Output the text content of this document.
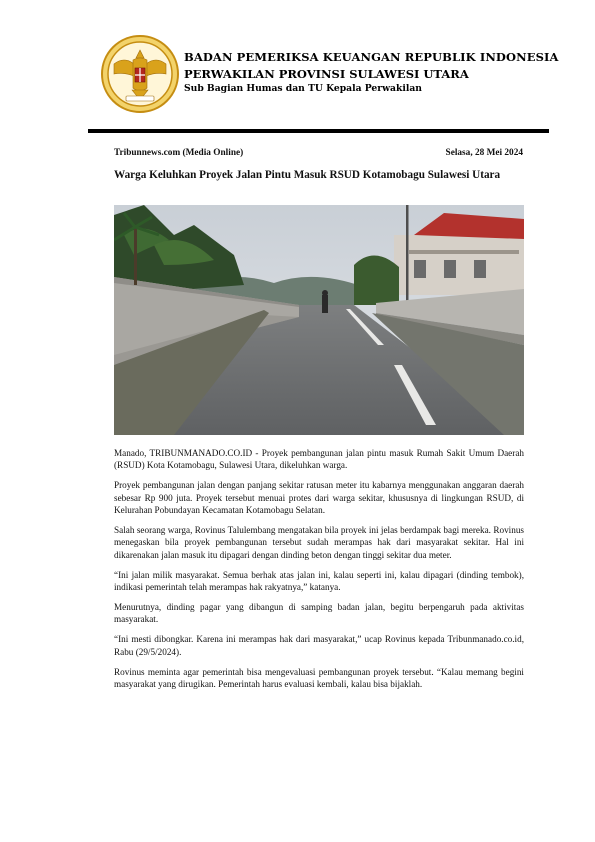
BADAN PEMERIKSA KEUANGAN REPUBLIK INDONESIA
PERWAKILAN PROVINSI SULAWESI UTARA
Sub Bagian Humas dan TU Kepala Perwakilan
Tribunnews.com (Media Online)	Selasa, 28 Mei 2024
Warga Keluhkan Proyek Jalan Pintu Masuk RSUD Kotamobagu Sulawesi Utara

Manado, TRIBUNMANADO.CO.ID - Proyek pembangunan jalan pintu masuk Rumah Sakit Umum Daerah (RSUD) Kota Kotamobagu, Sulawesi Utara, dikeluhkan warga.

Proyek pembangunan jalan dengan panjang sekitar ratusan meter itu kabarnya menggunakan anggaran daerah sebesar Rp 900 juta. Proyek tersebut menuai protes dari warga sekitar, khususnya di lingkungan RSUD, di Kelurahan Pobundayan Kecamatan Kotamobagu Selatan.

Salah seorang warga, Rovinus Talulembang mengatakan bila proyek ini jelas berdampak bagi mereka. Rovinus menegaskan bila proyek pembangunan tersebut sudah merampas hak dari masyarakat sekitar. Hal ini dikarenakan jalan masuk itu dipagari dengan dinding beton dengan tinggi sekitar dua meter.

“Ini jalan milik masyarakat. Semua berhak atas jalan ini, kalau seperti ini, kalau dipagari (dinding tembok), indikasi pemerintah telah merampas hak rakyatnya,” katanya.

Menurutnya, dinding pagar yang dibangun di samping badan jalan, begitu berpengaruh pada aktivitas masyarakat.

“Ini mesti dibongkar. Karena ini merampas hak dari masyarakat,” ucap Rovinus kepada Tribunmanado.co.id, Rabu (29/5/2024).

Rovinus meminta agar pemerintah bisa mengevaluasi pembangunan proyek tersebut. “Kalau memang begini masyarakat yang dirugikan. Pemerintah harus evaluasi kembali, kalau bisa bijaklah.
